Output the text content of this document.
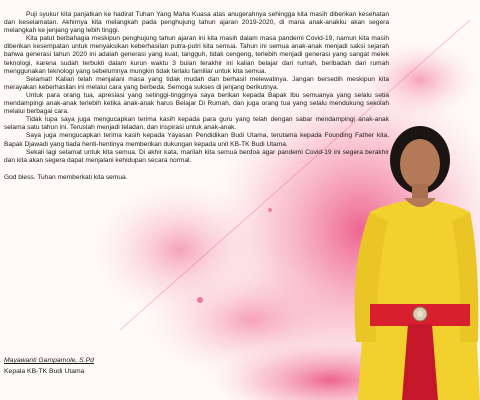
Puji syukur kita panjatkan ke hadirat Tuhan Yang Maha Kuasa atas anugerahnya sehingga kita masih diberikan kesehatan dan keselamatan. Akhirnya kita melangkah pada penghujung tahun ajaran 2019-2020, di mana anak-anakku akan segera melangkah ke jenjang yang lebih tinggi.

Kita patut berbahagia meskipun penghujung tahun ajaran ini kita masih dalam masa pandemi Covid-19, namun kita masih diberikan kesempatan untuk menyaksikan keberhasilan putra-putri kita semua. Tahun ini semua anak-anak menjadi saksi sejarah bahwa generasi tahun 2020 ini adalah generasi yang kuat, tangguh, tidak cengeng, terlebih menjadi generasi yang sangat melek teknologi, karena sudah terbukti dalam kurun waktu 3 bulan terakhir ini kalian belajar dari rumah, beribadah dari rumah menggunakan teknologi yang sebelumnya mungkin tidak terlalu familiar untuk kita semua.

Selamat! Kalian telah menjalani masa yang tidak mudah dan berhasil melewatinya. Jangan bersedih meskipun kita merayakan keberhasilan ini melalui cara yang berbeda. Semoga sukses di jenjang berikutnya.

Untuk para orang tua, apresiasi yang setinggi-tingginya saya berikan kepada Bapak Ibu semuanya yang selalu setia mendampingi anak-anak terlebih ketika anak-anak harus Belajar Di Rumah, dan juga orang tua yang selalu mendukung sekolah melalui berbagai cara.

Tidak lupa saya juga mengucapkan terima kasih kepada para guru yang telah dengan sabar mendampingi anak-anak selama satu tahun ini. Teruslah menjadi teladan, dan inspirasi untuk anak-anak.

Saya juga mengucapkan terima kasih kepada Yayasan Pendidikan Budi Utama, terutama kepada Founding Father kita, Bapak Djawadi yang tiada henti-hentinya memberikan dukungan kepada unit KB-TK Budi Utama.

Sekali lagi selamat untuk kita semua. Di akhir kata, marilah kita semua berdoa agar pandemi Covid-19 ini segera berakhir dan kita akan segera dapat menjalani kehidupan secara normal.

God bless. Tuhan memberkati kita semua.

Mayawanti Gampamole, S.Pd
Kepala KB-TK Budi Utama
